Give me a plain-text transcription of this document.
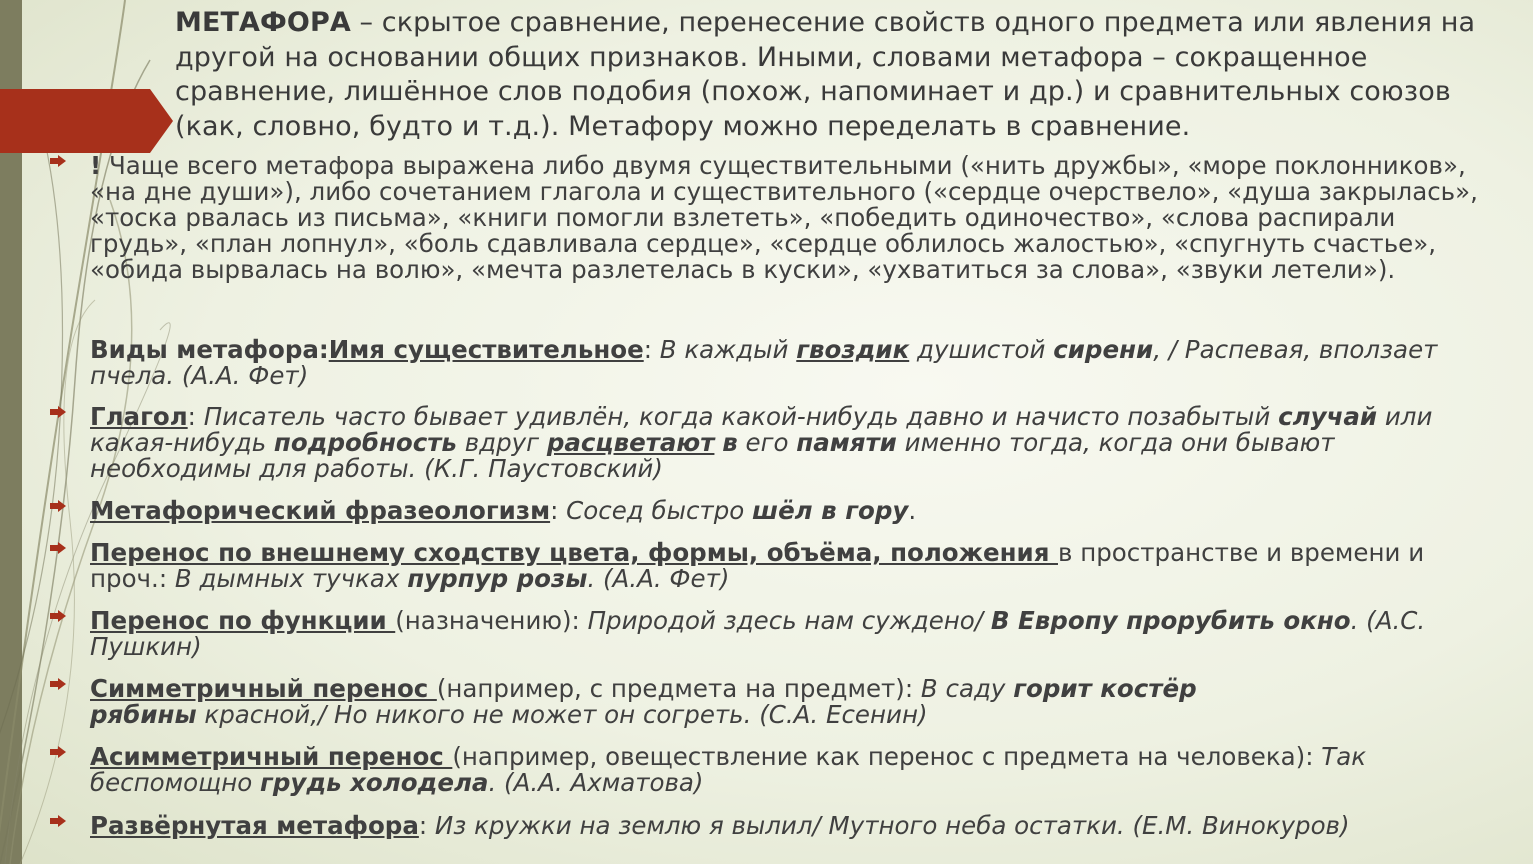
МЕТАФОРА – скрытое сравнение, перенесение свойств одного предмета или явления на другой на основании общих признаков. Иными, словами метафора – сокращенное сравнение, лишённое слов подобия (похож, напоминает и др.) и сравнительных союзов (как, словно, будто и т.д.). Метафору можно переделать в сравнение.
! Чаще всего метафора выражена либо двумя существительными («нить дружбы», «море поклонников», «на дне души»), либо сочетанием глагола и существительного («сердце очерствело», «душа закрылась», «тоска рвалась из письма», «книги помогли взлететь», «победить одиночество», «слова распирали грудь», «план лопнул», «боль сдавливала сердце», «сердце облилось жалостью», «спугнуть счастье», «обида вырвалась на волю», «мечта разлетелась в куски», «ухватиться за слова», «звуки летели»).
Виды метафора:Имя существительное: В каждый гвоздик душистой сирени, / Распевая, вползает пчела. (А.А. Фет)
Глагол: Писатель часто бывает удивлён, когда какой-нибудь давно и начисто позабытый случай или какая-нибудь подробность вдруг расцветают в его памяти именно тогда, когда они бывают необходимы для работы. (К.Г. Паустовский)
Метафорический фразеологизм: Сосед быстро шёл в гору.
Перенос по внешнему сходству цвета, формы, объёма, положения в пространстве и времени и проч.: В дымных тучках пурпур розы. (А.А. Фет)
Перенос по функции (назначению): Природой здесь нам суждено/ В Европу прорубить окно. (А.С. Пушкин)
Симметричный перенос (например, с предмета на предмет): В саду горит костёр
рябины красной,/ Но никого не может он согреть. (С.А. Есенин)
Асимметричный перенос (например, овеществление как перенос с предмета на человека): Так беспомощно грудь холодела. (А.А. Ахматова)
Развёрнутая метафора: Из кружки на землю я вылил/ Мутного неба остатки. (Е.М. Винокуров)
